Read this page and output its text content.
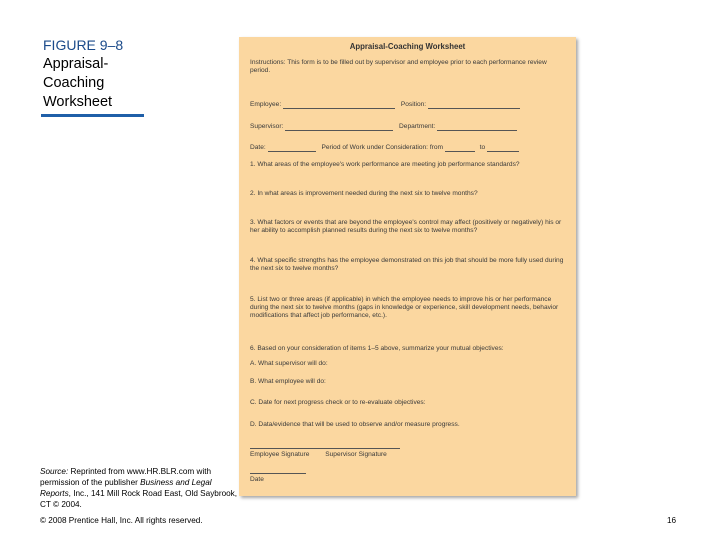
FIGURE 9–8
Appraisal-
Coaching
Worksheet
Appraisal-Coaching Worksheet
Instructions: This form is to be filled out by supervisor and employee prior to each performance review period.
Employee:	Position:
Supervisor:	Department:
Date:	Period of Work under Consideration: from	to
1. What areas of the employee's work performance are meeting job performance standards?
2. In what areas is improvement needed during the next six to twelve months?
3. What factors or events that are beyond the employee's control may affect (positively or negatively) his or her ability to accomplish planned results during the next six to twelve months?
4. What specific strengths has the employee demonstrated on this job that should be more fully used during the next six to twelve months?
5. List two or three areas (if applicable) in which the employee needs to improve his or her performance during the next six to twelve months (gaps in knowledge or experience, skill development needs, behavior modifications that affect job performance, etc.).
6. Based on your consideration of items 1–5 above, summarize your mutual objectives:
A. What supervisor will do:
B. What employee will do:
C. Date for next progress check or to re-evaluate objectives:
D. Data/evidence that will be used to observe and/or measure progress.
Employee Signature Supervisor Signature
Date
Source: Reprinted from www.HR.BLR.com with permission of the publisher Business and Legal Reports, Inc., 141 Mill Rock Road East, Old Saybrook, CT © 2004.
© 2008 Prentice Hall, Inc. All rights reserved.	16
